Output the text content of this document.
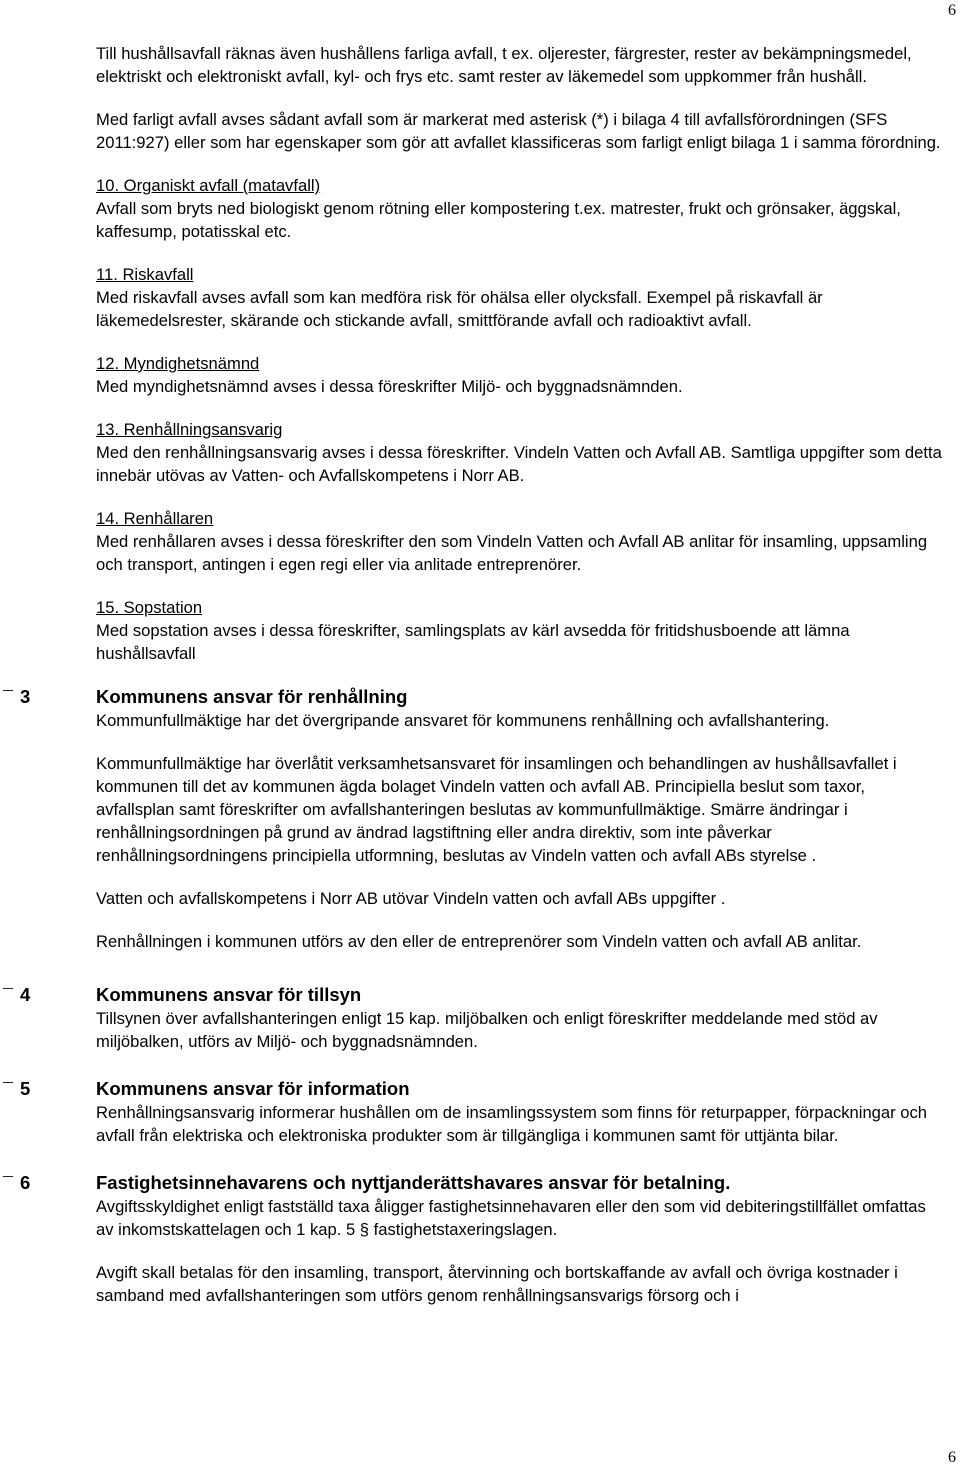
6

Till hushållsavfall räknas även hushållens farliga avfall, t ex. oljerester, färgrester, rester av bekämpningsmedel, elektriskt och elektroniskt avfall, kyl- och frys etc. samt rester av läkemedel som uppkommer från hushåll.

Med farligt avfall avses sådant avfall som är markerat med asterisk (*) i bilaga 4 till avfallsförordningen (SFS 2011:927) eller som har egenskaper som gör att avfallet klassificeras som farligt enligt bilaga 1 i samma förordning.

10. Organiskt avfall (matavfall)

Avfall som bryts ned biologiskt genom rötning eller kompostering t.ex. matrester, frukt och grönsaker, äggskal, kaffesump, potatisskal etc.

11. Riskavfall

Med riskavfall avses avfall som kan medföra risk för ohälsa eller olycksfall. Exempel på riskavfall är läkemedelsrester, skärande och stickande avfall, smittförande avfall och radioaktivt avfall.

12. Myndighetsnämnd

Med myndighetsnämnd avses i dessa föreskrifter Miljö- och byggnadsnämnden.

13. Renhållningsansvarig

Med den renhållningsansvarig avses i dessa föreskrifter. Vindeln Vatten och Avfall AB. Samtliga uppgifter som detta innebär utövas av Vatten- och Avfallskompetens i Norr AB.

14. Renhållaren

Med renhållaren avses i dessa föreskrifter den som Vindeln Vatten och Avfall AB anlitar för insamling, uppsamling och transport, antingen i egen regi eller via anlitade entreprenörer.

15. Sopstation

Med sopstation avses i dessa föreskrifter, samlingsplats av kärl avsedda för fritidshusboende att lämna hushållsavfall

¯ 3	Kommunens ansvar för renhållning

Kommunfullmäktige har det övergripande ansvaret för kommunens renhållning och avfallshantering.

Kommunfullmäktige har överlåtit verksamhetsansvaret för insamlingen och behandlingen av hushållsavfallet i kommunen till det av kommunen ägda bolaget Vindeln vatten och avfall AB. Principiella beslut som taxor, avfallsplan samt föreskrifter om avfallshanteringen beslutas av kommunfullmäktige. Smärre ändringar i renhållningsordningen på grund av ändrad lagstiftning eller andra direktiv, som inte påverkar renhållningsordningens principiella utformning, beslutas av Vindeln vatten och avfall ABs styrelse .

Vatten och avfallskompetens i Norr AB utövar Vindeln vatten och avfall ABs uppgifter .

Renhållningen i kommunen utförs av den eller de entreprenörer som Vindeln vatten och avfall AB anlitar.

¯ 4	Kommunens ansvar för tillsyn

Tillsynen över avfallshanteringen enligt 15 kap. miljöbalken och enligt föreskrifter meddelande med stöd av miljöbalken, utförs av Miljö- och byggnadsnämnden.

¯ 5	Kommunens ansvar för information

Renhållningsansvarig informerar hushållen om de insamlingssystem som finns för returpapper, förpackningar och avfall från elektriska och elektroniska produkter som är tillgängliga i kommunen samt för uttjänta bilar.

¯ 6	Fastighetsinnehavarens och nyttjanderättshavares ansvar för betalning.

Avgiftsskyldighet enligt fastställd taxa åligger fastighetsinnehavaren eller den som vid debiteringstillfället omfattas av inkomstskattelagen och 1 kap. 5 § fastighetstaxeringslagen.

Avgift skall betalas för den insamling, transport, återvinning och bortskaffande av avfall och övriga kostnader i samband med avfallshanteringen som utförs genom renhållningsansvarigs försorg och i

6
